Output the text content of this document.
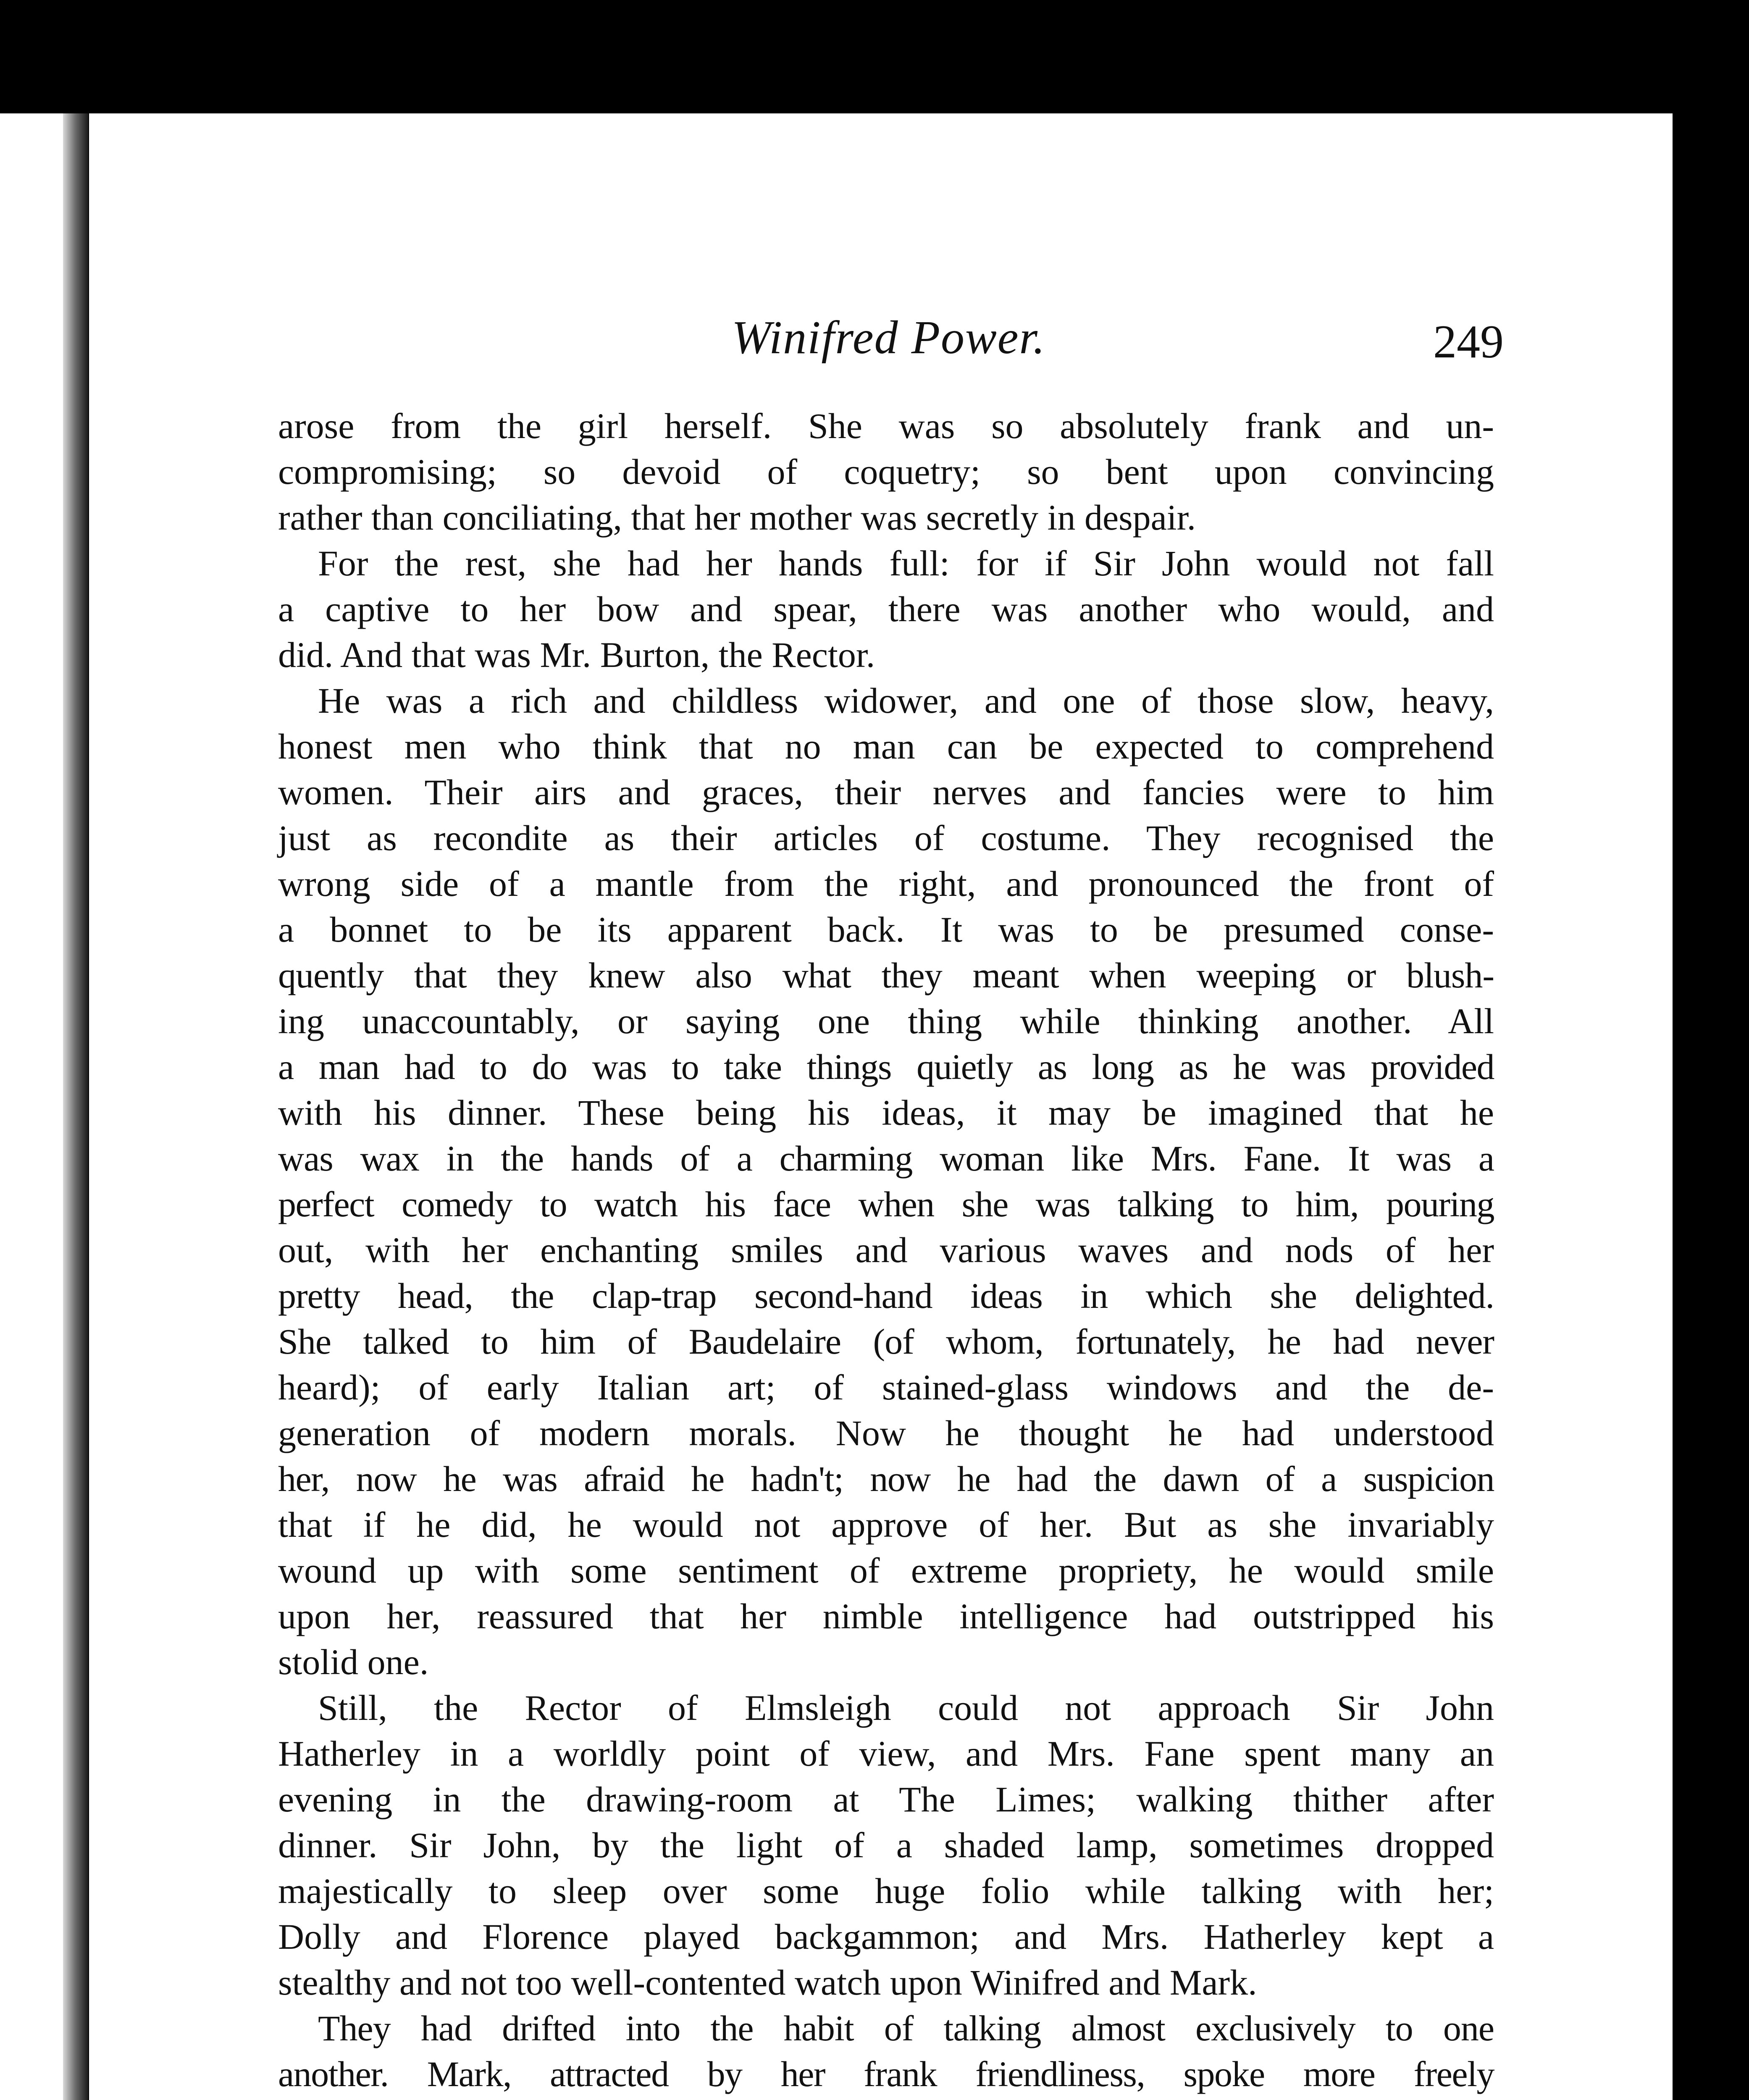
Winifred Power.	249
arose from the girl herself. She was so absolutely frank and un-
compromising; so devoid of coquetry; so bent upon convincing
rather than conciliating, that her mother was secretly in despair.
For the rest, she had her hands full: for if Sir John would not fall
a captive to her bow and spear, there was another who would, and
did. And that was Mr. Burton, the Rector.
He was a rich and childless widower, and one of those slow, heavy,
honest men who think that no man can be expected to comprehend
women. Their airs and graces, their nerves and fancies were to him
just as recondite as their articles of costume. They recognised the
wrong side of a mantle from the right, and pronounced the front of
a bonnet to be its apparent back. It was to be presumed conse-
quently that they knew also what they meant when weeping or blush-
ing unaccountably, or saying one thing while thinking another. All
a man had to do was to take things quietly as long as he was provided
with his dinner. These being his ideas, it may be imagined that he
was wax in the hands of a charming woman like Mrs. Fane. It was a
perfect comedy to watch his face when she was talking to him, pouring
out, with her enchanting smiles and various waves and nods of her
pretty head, the clap-trap second-hand ideas in which she delighted.
She talked to him of Baudelaire (of whom, fortunately, he had never
heard); of early Italian art; of stained-glass windows and the de-
generation of modern morals. Now he thought he had understood
her, now he was afraid he hadn't; now he had the dawn of a suspicion
that if he did, he would not approve of her. But as she invariably
wound up with some sentiment of extreme propriety, he would smile
upon her, reassured that her nimble intelligence had outstripped his
stolid one.
Still, the Rector of Elmsleigh could not approach Sir John
Hatherley in a worldly point of view, and Mrs. Fane spent many an
evening in the drawing-room at The Limes; walking thither after
dinner. Sir John, by the light of a shaded lamp, sometimes dropped
majestically to sleep over some huge folio while talking with her;
Dolly and Florence played backgammon; and Mrs. Hatherley kept a
stealthy and not too well-contented watch upon Winifred and Mark.
They had drifted into the habit of talking almost exclusively to one
another. Mark, attracted by her frank friendliness, spoke more freely
